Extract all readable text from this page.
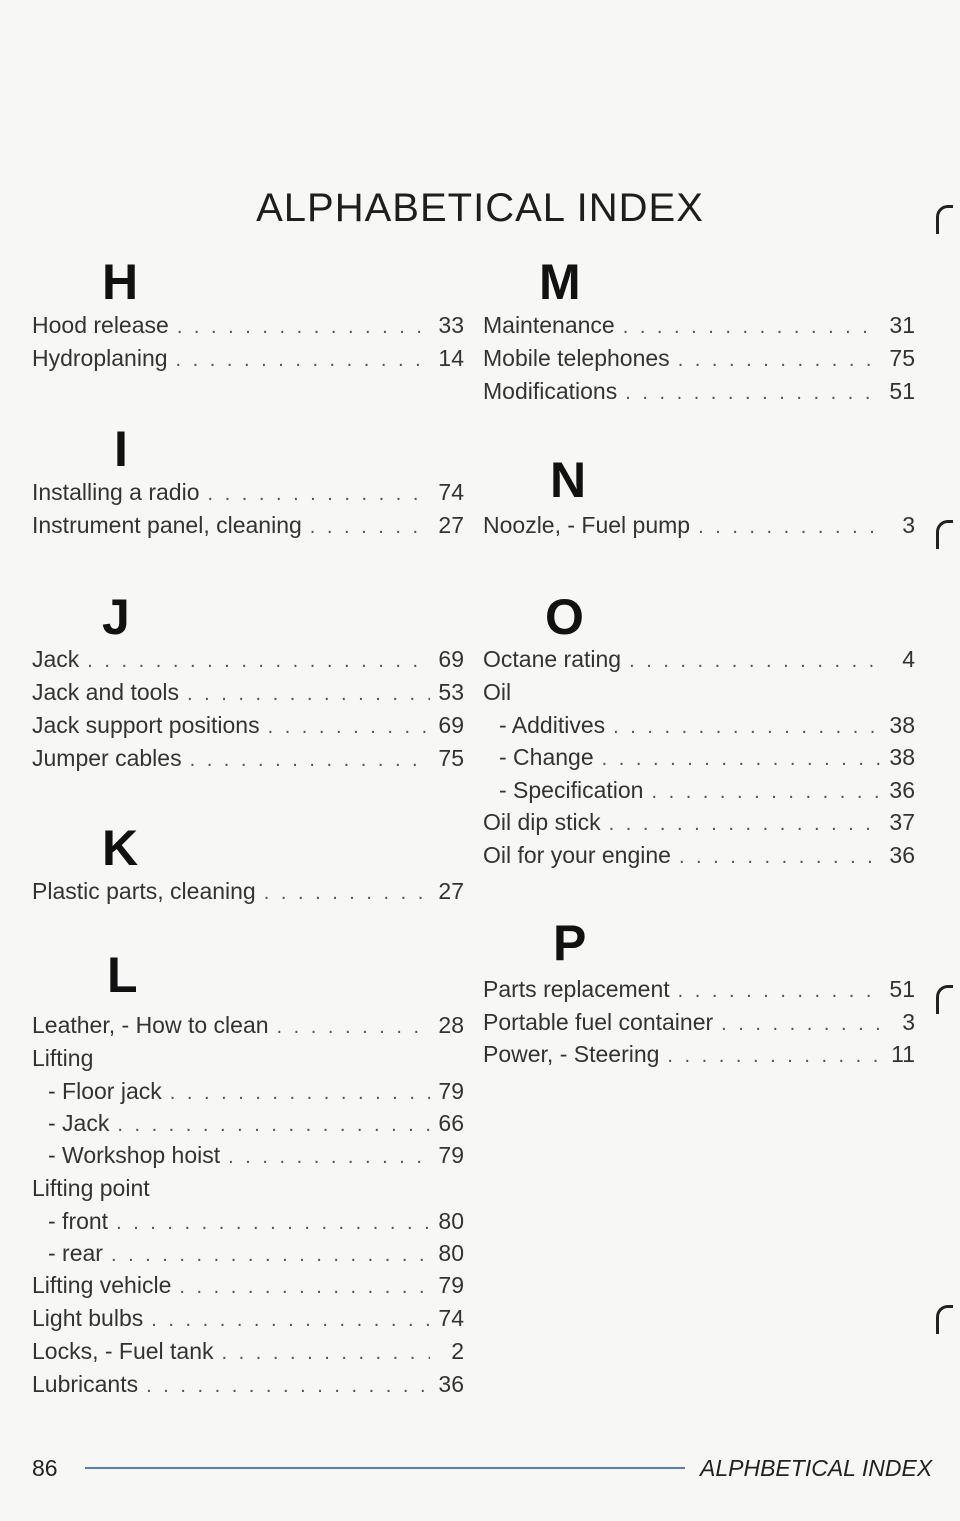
ALPHABETICAL INDEX
H
Hood release . . .	33
Hydroplaning . . .	14
I
Installing a radio . . .	74
Instrument panel, cleaning . . .	27
J
Jack . . .	69
Jack and tools . . .	53
Jack support positions . . .	69
Jumper cables . . .	75
K
Plastic parts, cleaning . . .	27
L
Leather, - How to clean . . .	28
Lifting
- Floor jack . . .	79
- Jack . . .	66
- Workshop hoist . . .	79
Lifting point
- front . . .	80
- rear . . .	80
Lifting vehicle . . .	79
Light bulbs . . .	74
Locks, - Fuel tank . . .	2
Lubricants . . .	36
M
Maintenance . . .	31
Mobile telephones . . .	75
Modifications . . .	51
N
Noozle, - Fuel pump . . .	3
O
Octane rating . . .	4
Oil
- Additives . . .	38
- Change . . .	38
- Specification . . .	36
Oil dip stick . . .	37
Oil for your engine . . .	36
P
Parts replacement . . .	51
Portable fuel container . . .	3
Power, - Steering . . .	11
86	ALPHBETICAL INDEX
